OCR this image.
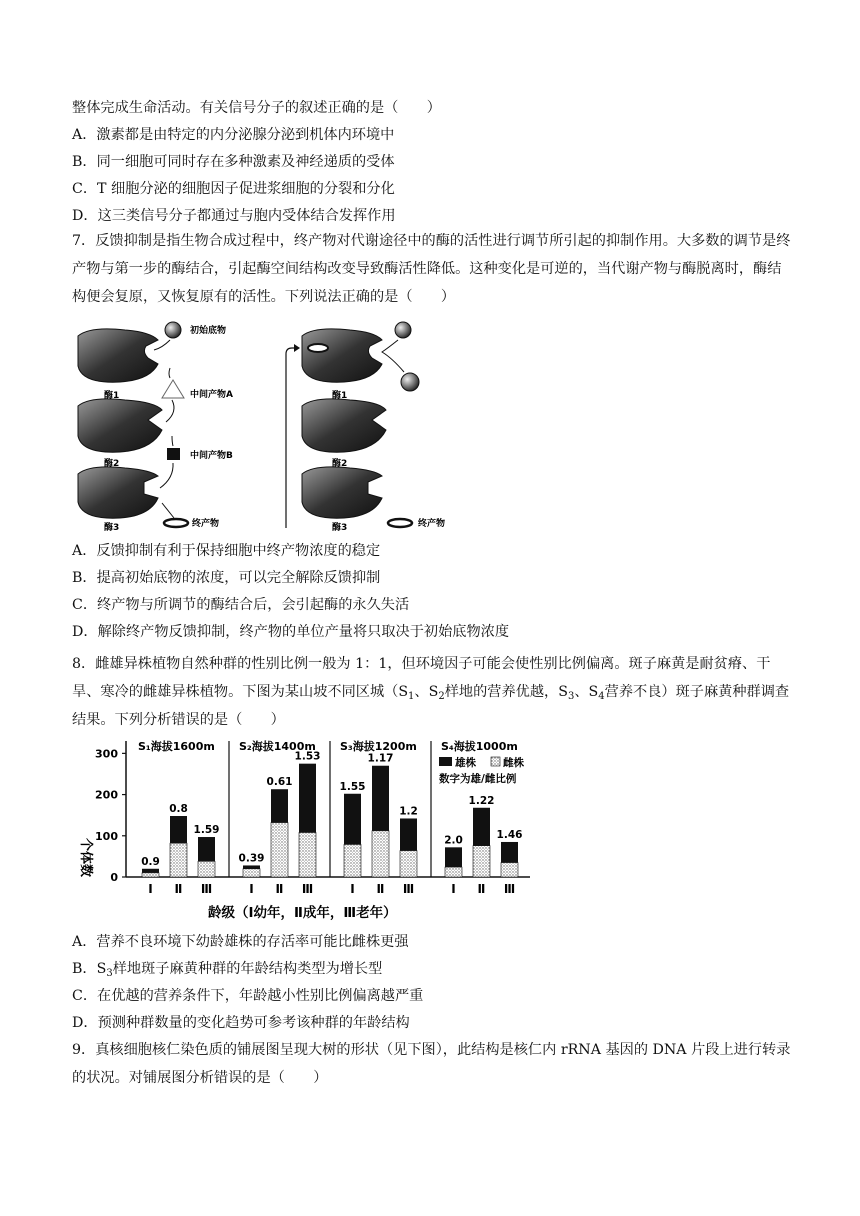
整体完成生命活动。有关信号分子的叙述正确的是（　　）
A．激素都是由特定的内分泌腺分泌到机体内环境中
B．同一细胞可同时存在多种激素及神经递质的受体
C．T 细胞分泌的细胞因子促进浆细胞的分裂和分化
D．这三类信号分子都通过与胞内受体结合发挥作用
7．反馈抑制是指生物合成过程中，终产物对代谢途径中的酶的活性进行调节所引起的抑制作用。大多数的调节是终产物与第一步的酶结合，引起酶空间结构改变导致酶活性降低。这种变化是可逆的，当代谢产物与酶脱离时，酶结构便会复原，又恢复原有的活性。下列说法正确的是（　　）
酶1
酶2
酶3
初始底物
中间产物A
中间产物B
终产物
酶1
酶2
酶3	终产物
A．反馈抑制有利于保持细胞中终产物浓度的稳定
B．提高初始底物的浓度，可以完全解除反馈抑制
C．终产物与所调节的酶结合后，会引起酶的永久失活
D．解除终产物反馈抑制，终产物的单位产量将只取决于初始底物浓度
8．雌雄异株植物自然种群的性别比例一般为 1：1，但环境因子可能会使性别比例偏离。斑子麻黄是耐贫瘠、干旱、寒冷的雌雄异株植物。下图为某山坡不同区城（$S_1$、$S_2$样地的营养优越，$S_3$、$S_4$营养不良）斑子麻黄种群调查结果。下列分析错误的是（　　）
个体数
0
100
200
300
S₁海拔1600m
0.9
Ⅰ
0.8
Ⅱ
1.59
Ⅲ
S₂海拔1400m
0.39
Ⅰ
0.61
Ⅱ
1.53
Ⅲ
S₃海拔1200m
1.55
Ⅰ
1.17
Ⅱ
1.2
Ⅲ
S₄海拔1000m
2.0
Ⅰ
1.22
Ⅱ
1.46
Ⅲ
雄株	雌株
数字为雄/雌比例
龄级（Ⅰ幼年，Ⅱ成年，Ⅲ老年）
A．营养不良环境下幼龄雄株的存活率可能比雌株更强
B．$S_3$样地斑子麻黄种群的年龄结构类型为增长型
C．在优越的营养条件下，年龄越小性别比例偏离越严重
D．预测种群数量的变化趋势可参考该种群的年龄结构
9．真核细胞核仁染色质的铺展图呈现大树的形状（见下图），此结构是核仁内 rRNA 基因的 DNA 片段上进行转录的状况。对铺展图分析错误的是（　　）
